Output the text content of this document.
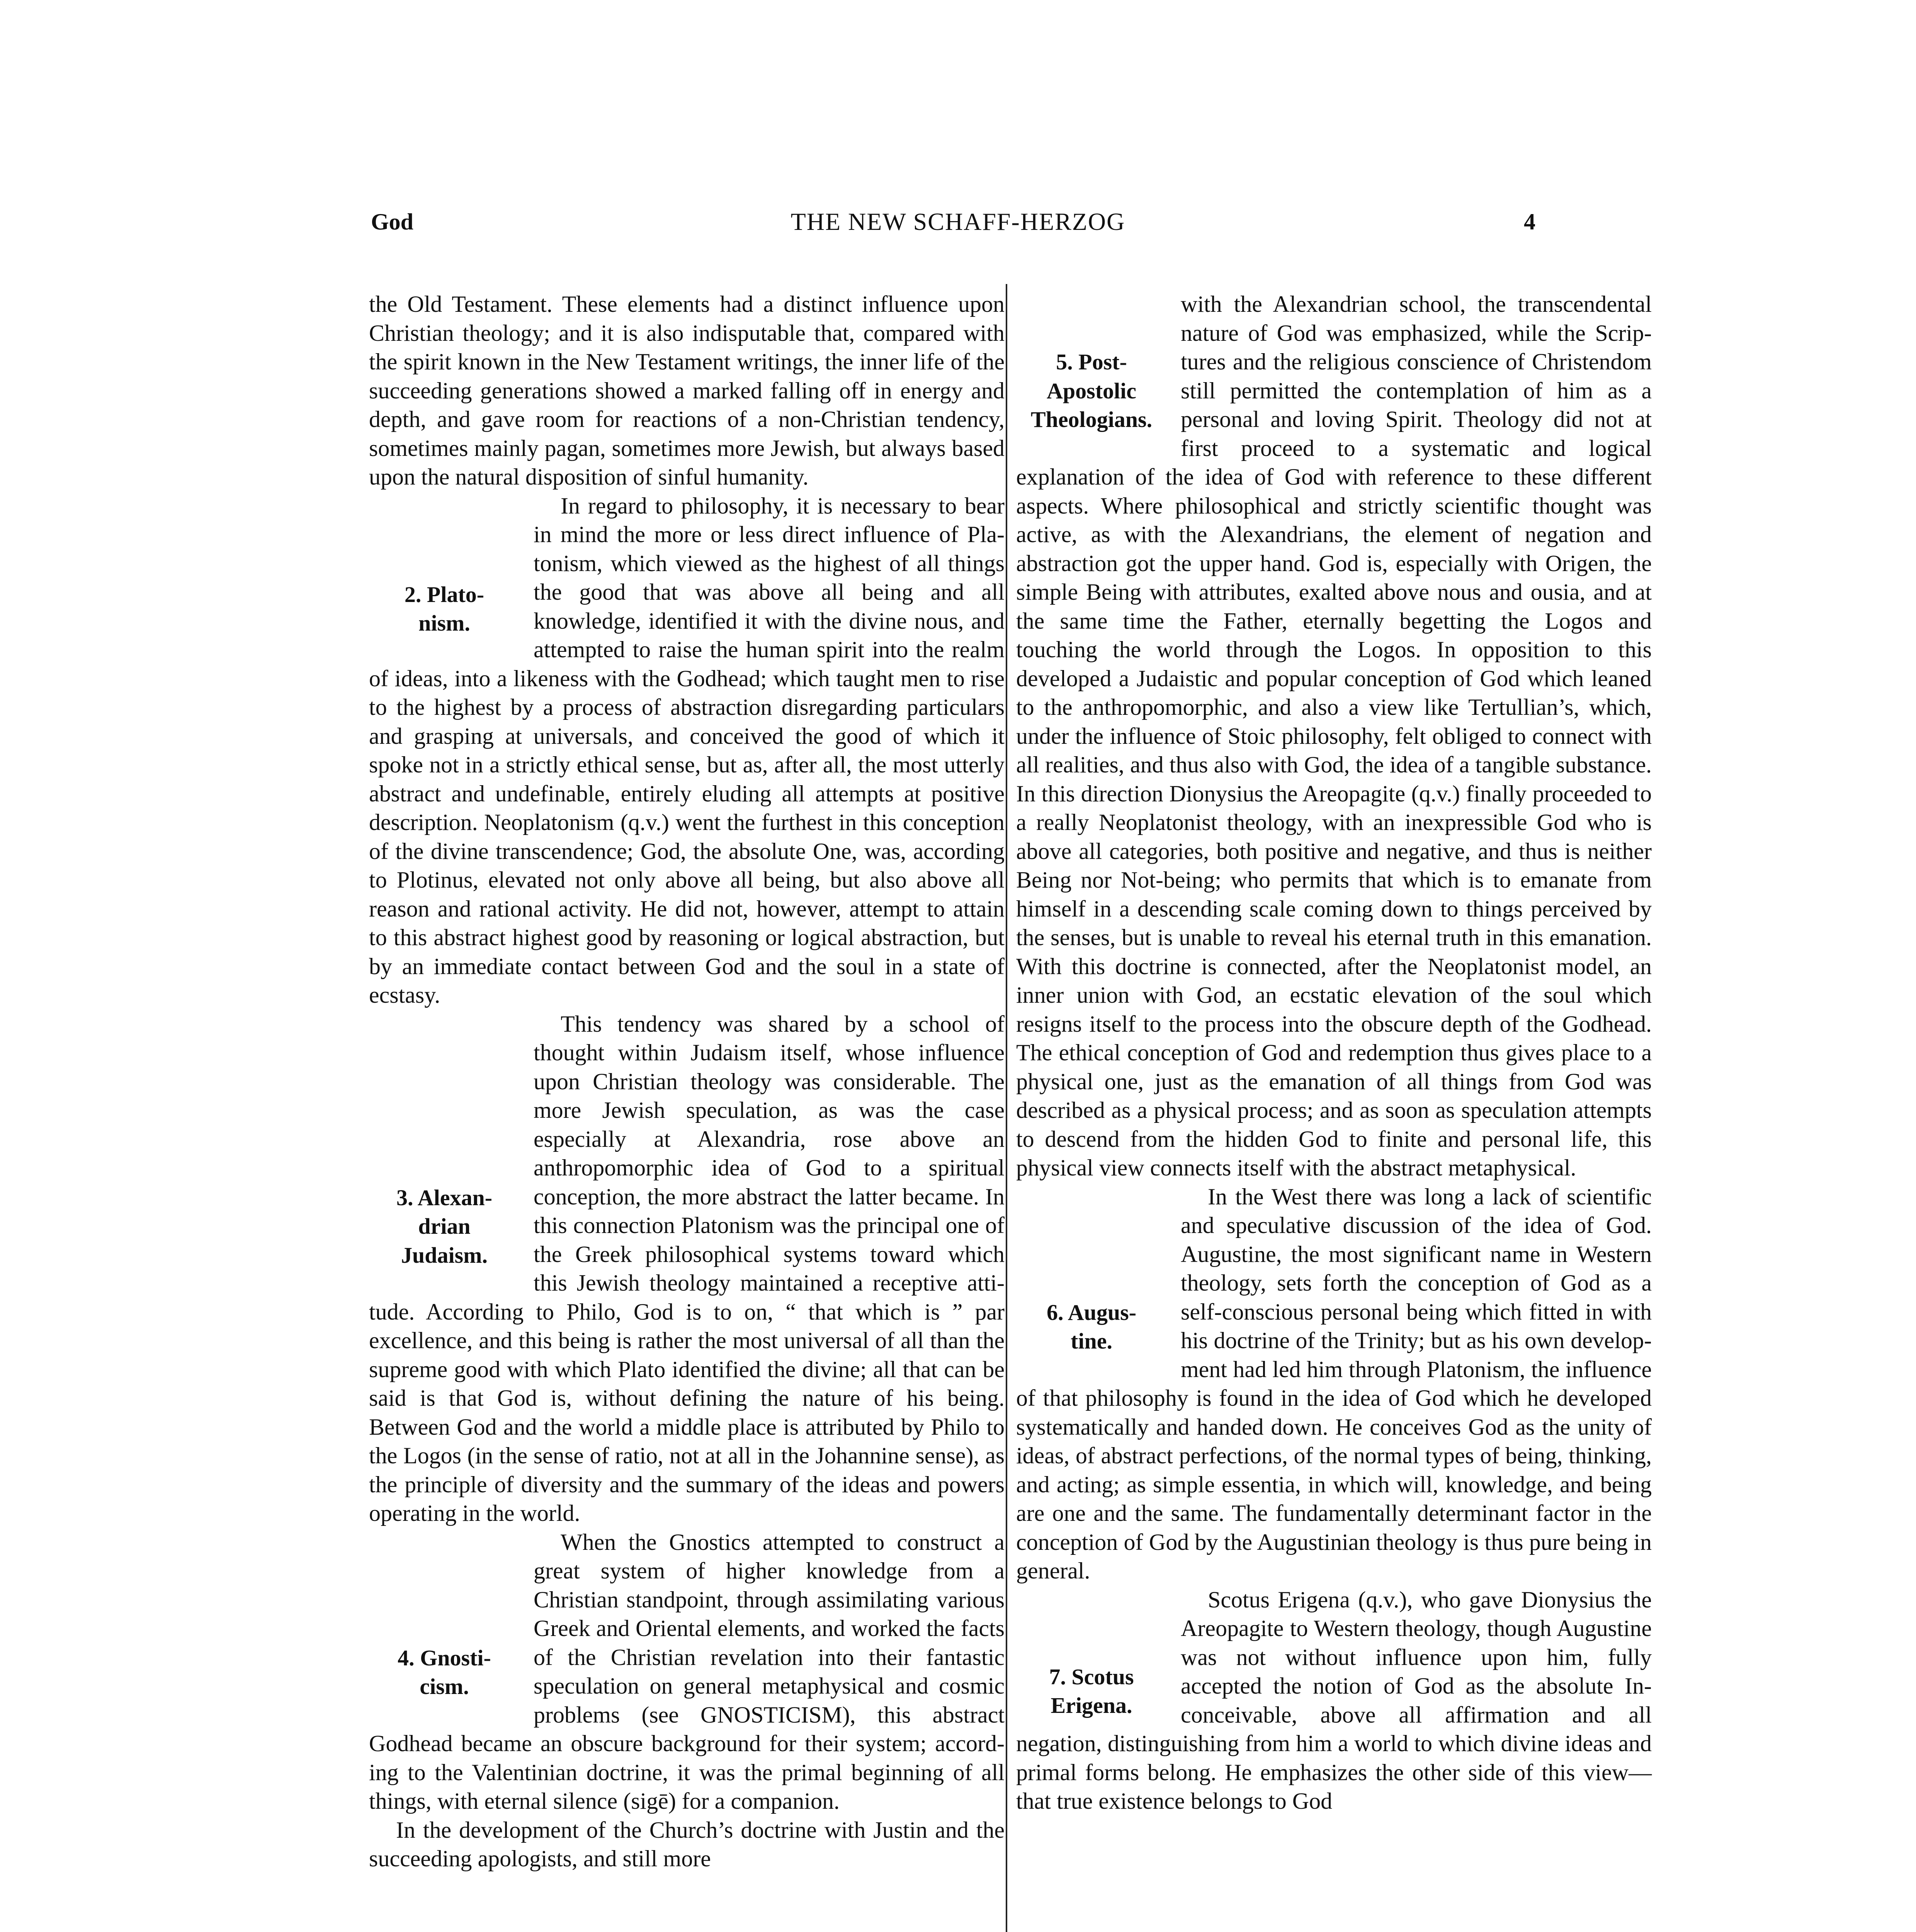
God	THE NEW SCHAFF-HERZOG	4

the Old Testament. These elements had a distinct influence upon Christian theology; and it is also indisputable that, compared with the spirit known in the New Testament writings, the inner life of the succeeding generations showed a marked falling off in energy and depth, and gave room for reactions of a non-Christian tendency, sometimes mainly pagan, sometimes more Jewish, but always based upon the natural disposition of sinful humanity.

2. Plato-
nism.

In regard to philosophy, it is necessary to bear in mind the more or less direct influence of Platonism, which viewed as the highest of all things the good that was above all being and all knowledge, identified it with the divine nous, and attempted to raise the human spirit into the realm of ideas, into a likeness with the Godhead; which taught men to rise to the highest by a process of abstraction disregarding particulars and grasping at universals, and conceived the good of which it spoke not in a strictly ethical sense, but as, after all, the most utterly abstract and undefinable, entirely eluding all attempts at positive description. Neoplatonism (q.v.) went the furthest in this conception of the divine transcendence; God, the absolute One, was, according to Plotinus, elevated not only above all being, but also above all reason and rational activity. He did not, however, attempt to attain to this abstract highest good by reasoning or logical abstraction, but by an immediate contact between God and the soul in a state of ecstasy.

3. Alexan-
drian
Judaism.

This tendency was shared by a school of thought within Judaism itself, whose influence upon Christian theology was considerable. The more Jewish speculation, as was the case especially at Alexandria, rose above an anthropomorphic idea of God to a spiritual conception, the more abstract the latter became. In this connection Platonism was the principal one of the Greek philosophical systems toward which this Jewish theology maintained a receptive attitude. According to Philo, God is to on, “ that which is ” par excellence, and this being is rather the most universal of all than the supreme good with which Plato identified the divine; all that can be said is that God is, without defining the nature of his being. Between God and the world a middle place is attributed by Philo to the Logos (in the sense of ratio, not at all in the Johannine sense), as the principle of diversity and the summary of the ideas and powers operating in the world.

4. Gnosti-
cism.

When the Gnostics attempted to construct a great system of higher knowledge from a Christian standpoint, through assimilating various Greek and Oriental elements, and worked the facts of the Christian revelation into their fantastic speculation on general metaphysical and cosmic problems (see GNOSTICISM), this abstract Godhead became an obscure background for their system; according to the Valentinian doctrine, it was the primal beginning of all things, with eternal silence (sigē) for a companion.

In the development of the Church’s doctrine with Justin and the succeeding apologists, and still more

5. Post-
Apostolic
Theologians.

with the Alexandrian school, the transcendental nature of God was emphasized, while the Scriptures and the religious conscience of Christendom still permitted the contemplation of him as a personal and loving Spirit. Theology did not at first proceed to a systematic and logical explanation of the idea of God with reference to these different aspects. Where philosophical and strictly scientific thought was active, as with the Alexandrians, the element of negation and abstraction got the upper hand. God is, especially with Origen, the simple Being with attributes, exalted above nous and ousia, and at the same time the Father, eternally begetting the Logos and touching the world through the Logos. In opposition to this developed a Judaistic and popular conception of God which leaned to the anthropomorphic, and also a view like Tertullian’s, which, under the influence of Stoic philosophy, felt obliged to connect with all realities, and thus also with God, the idea of a tangible substance. In this direction Dionysius the Areopagite (q.v.) finally proceeded to a really Neoplatonist theology, with an inexpressible God who is above all categories, both positive and negative, and thus is neither Being nor Not-being; who permits that which is to emanate from himself in a descending scale coming down to things perceived by the senses, but is unable to reveal his eternal truth in this emanation. With this doctrine is connected, after the Neoplatonist model, an inner union with God, an ecstatic elevation of the soul which resigns itself to the process into the obscure depth of the Godhead. The ethical conception of God and redemption thus gives place to a physical one, just as the emanation of all things from God was described as a physical process; and as soon as speculation attempts to descend from the hidden God to finite and personal life, this physical view connects itself with the abstract metaphysical.

6. Augus-
tine.

In the West there was long a lack of scientific and speculative discussion of the idea of God. Augustine, the most significant name in Western theology, sets forth the conception of God as a self-conscious personal being which fitted in with his doctrine of the Trinity; but as his own development had led him through Platonism, the influence of that philosophy is found in the idea of God which he developed systematically and handed down. He conceives God as the unity of ideas, of abstract perfections, of the normal types of being, thinking, and acting; as simple essentia, in which will, knowledge, and being are one and the same. The fundamentally determinant factor in the conception of God by the Augustinian theology is thus pure being in general.

7. Scotus
Erigena.

Scotus Erigena (q.v.), who gave Dionysius the Areopagite to Western theology, though Augustine was not without influence upon him, fully accepted the notion of God as the absolute Inconceivable, above all affirmation and all negation, distinguishing from him a world to which divine ideas and primal forms belong. He emphasizes the other side of this view—that true existence belongs to God
